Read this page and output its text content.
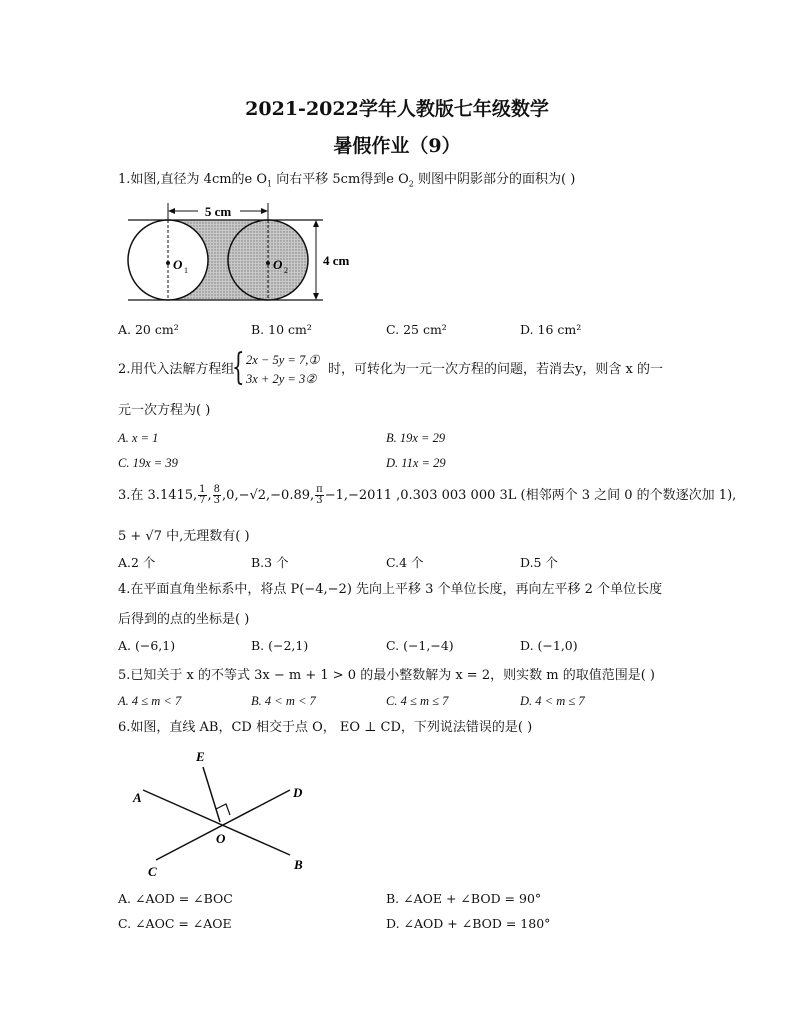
2021-2022学年人教版七年级数学
暑假作业（9）
1.如图,直径为 4cm的e $O_1$ 向右平移 5cm得到e $O_2$ 则图中阴影部分的面积为( )
5 cm
4 cm
O 1	O 2
A. 20 cm²	B. 10 cm²	C. 25 cm²	D. 16 cm²
2.用代入法解方程组
{ 2x − 5y = 7,①
3x + 2y = 3②
时，可转化为一元一次方程的问题，若消去y，则含 x 的一
元一次方程为( )
A. x = 1	B. 19x = 29
C. 19x = 39	D. 11x = 29
3.在 3.1415, $\frac{1}{7}$ , $\frac{8}{3} ,0,-√2,-0.89$, $\frac{\pi}{3} -1,-2011$ ,0.303 003 000 3L (相邻两个 3 之间 0 的个数逐次加 1),
5 + √7 中,无理数有( )
A.2 个	B.3 个	C.4 个	D.5 个
4.在平面直角坐标系中，将点 P(−4,−2) 先向上平移 3 个单位长度，再向左平移 2 个单位长度
后得到的点的坐标是( )
A. (−6,1)	B. (−2,1)	C. (−1,−4)	D. (−1,0)
5.已知关于 x 的不等式 3x − m + 1 > 0 的最小整数解为 x = 2，则实数 m 的取值范围是( )
A. 4 ≤ m < 7	B. 4 < m < 7	C. 4 ≤ m ≤ 7	D. 4 < m ≤ 7
6.如图，直线 AB，CD 相交于点 O， EO ⊥ CD，下列说法错误的是( )
A
B
C
D
E
O
A. ∠AOD = ∠BOC	B. ∠AOE + ∠BOD = 90°
C. ∠AOC = ∠AOE	D. ∠AOD + ∠BOD = 180°
